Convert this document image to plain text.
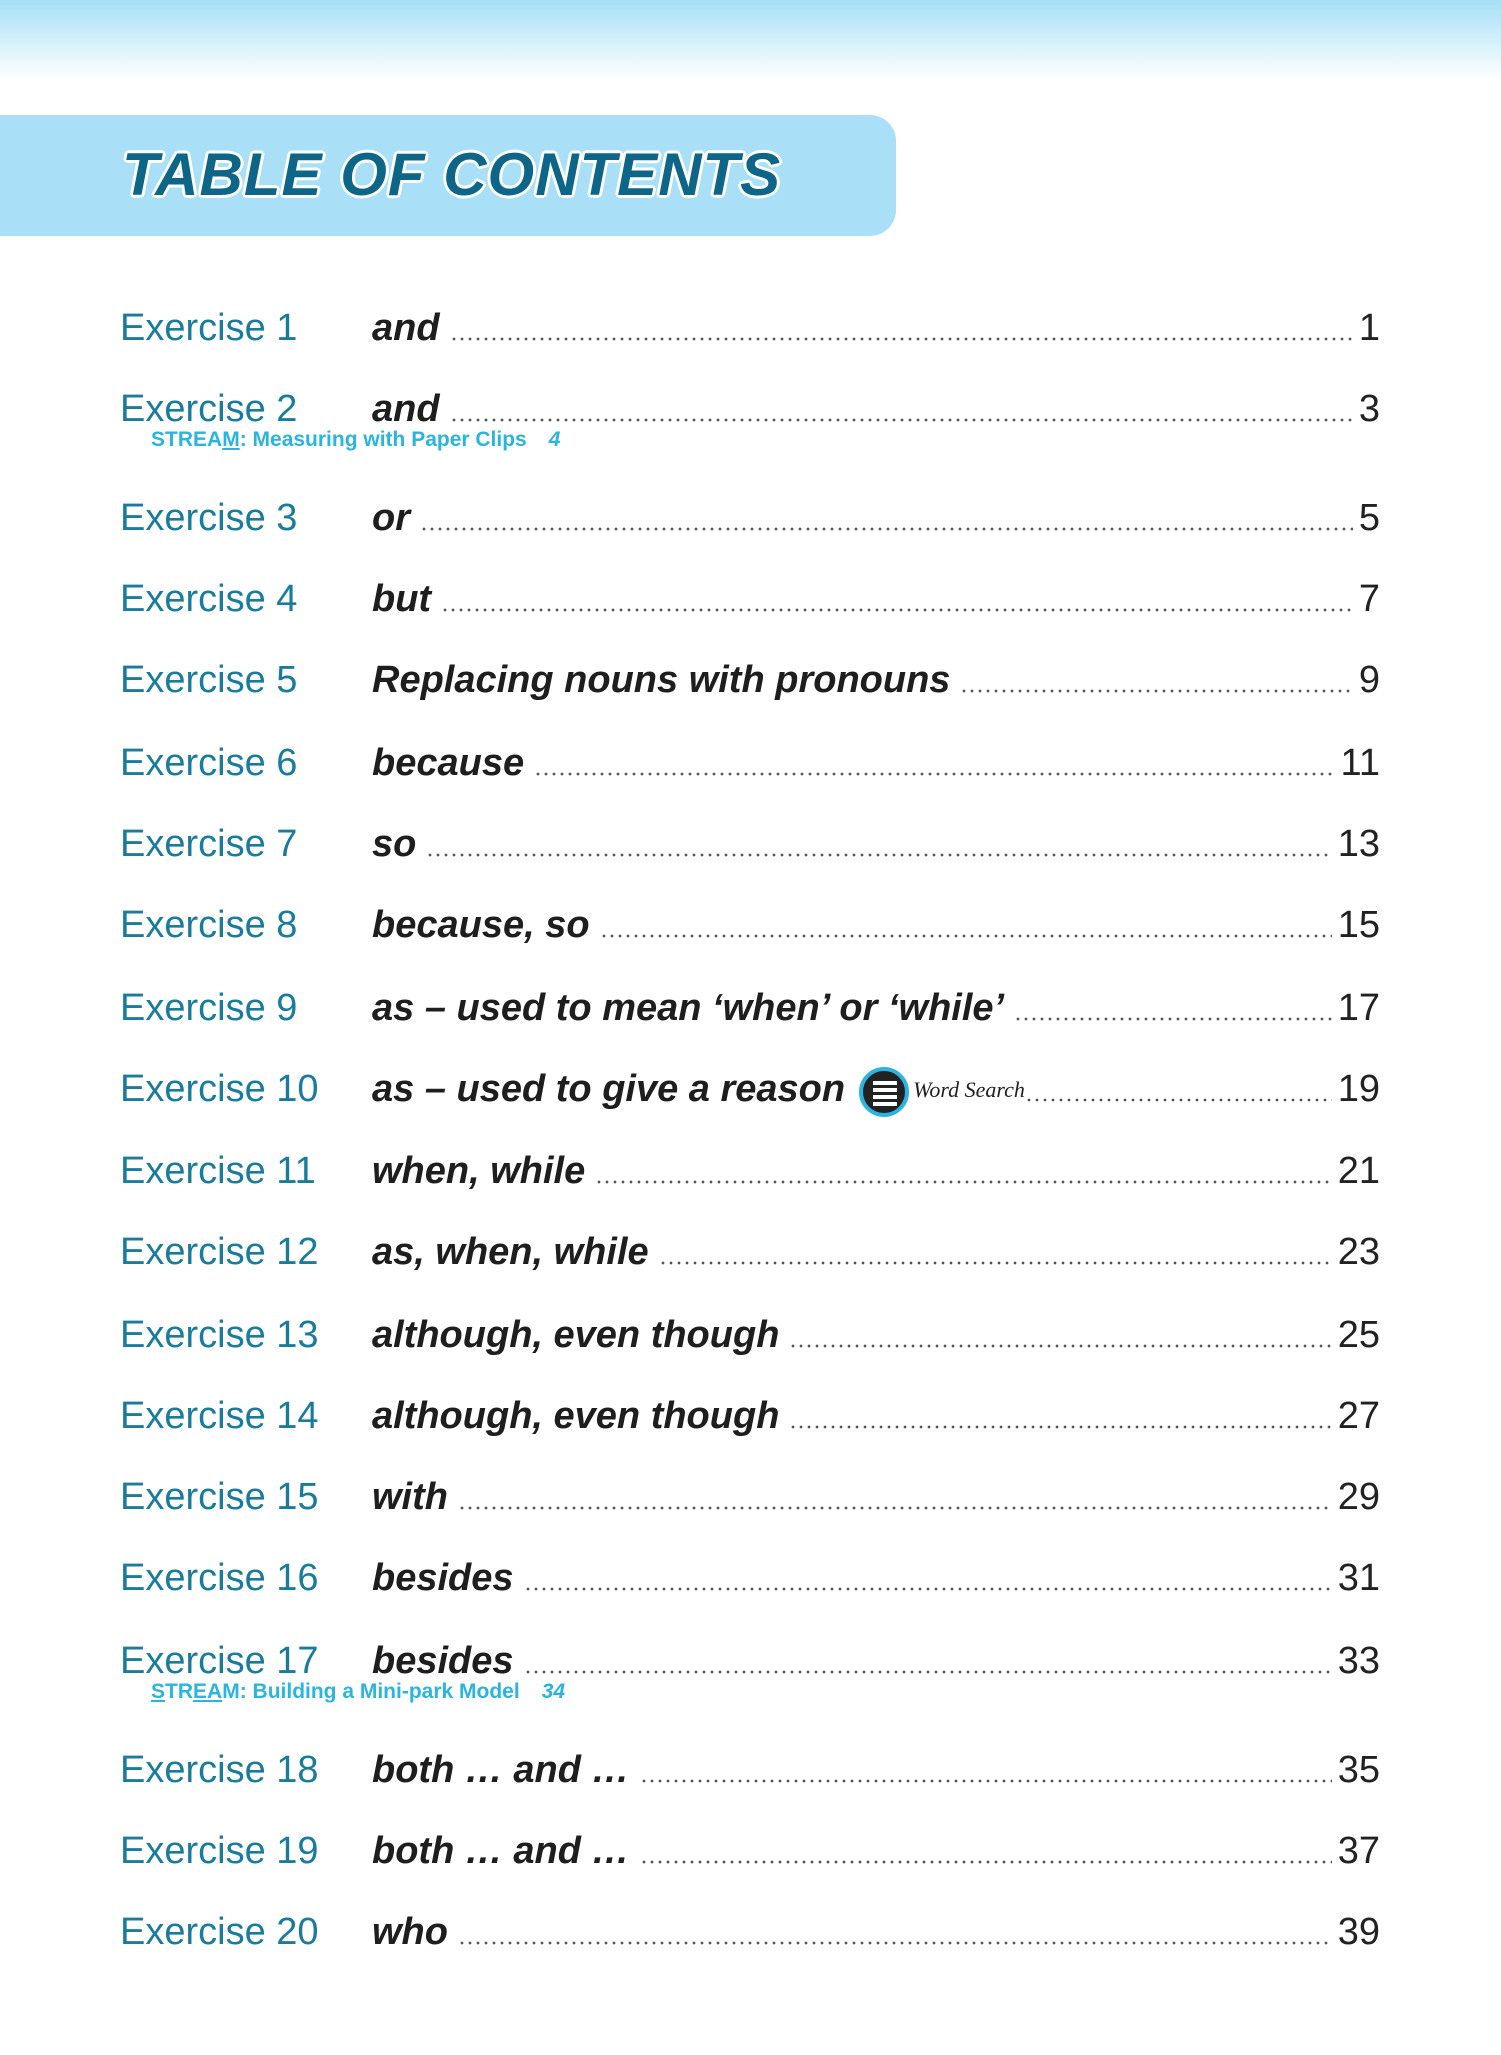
TABLE OF CONTENTS
Exercise 1	and	1
Exercise 2	and	3
Exercise 3	or	5
Exercise 4	but	7
Exercise 5	Replacing nouns with pronouns	9
Exercise 6	because	11
Exercise 7	so	13
Exercise 8	because, so	15
Exercise 9	as – used to mean ‘when’ or ‘while’	17
Exercise 10	as – used to give a reason	Word Search	19
Exercise 11	when, while	21
Exercise 12	as, when, while	23
Exercise 13	although, even though	25
Exercise 14	although, even though	27
Exercise 15	with	29
Exercise 16	besides	31
Exercise 17	besides	33
Exercise 18	both … and …	35
Exercise 19	both … and …	37
Exercise 20	who	39
STREAM: Measuring with Paper Clips 4
STREAM: Building a Mini-park Model 34
